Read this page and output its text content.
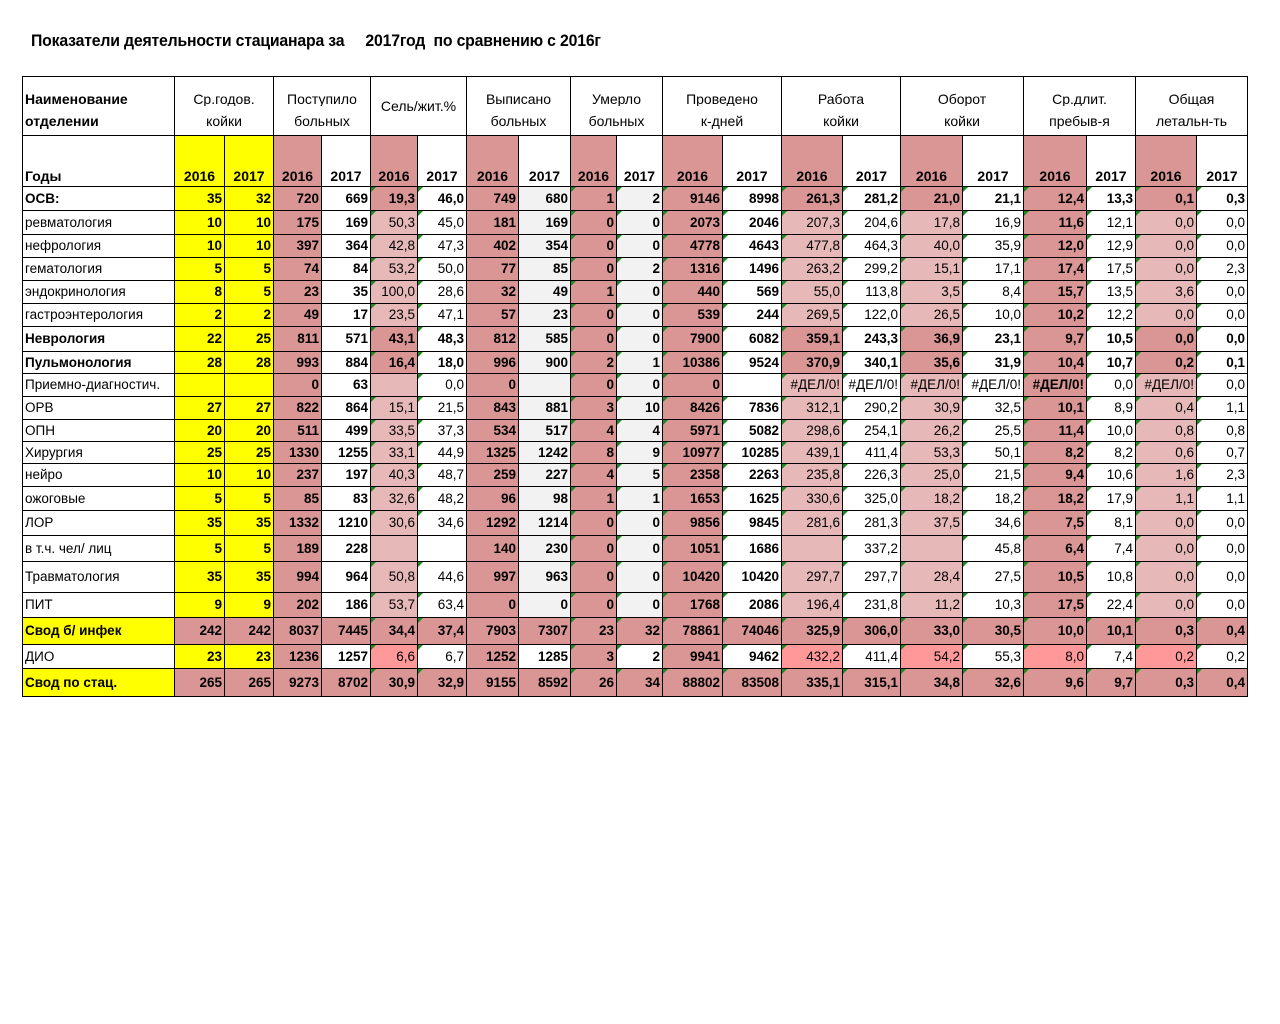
Показатели деятельности стацианара за     2017год  по сравнению с 2016г
Наименование	Ср.годов.		Поступило		Сель/жит.%		Выписано		Умерло		Проведено		Работа		Оборот		Ср.длит.		Общая	
отделении	койки		больных				больных		больных		к-дней		койки		койки		пребыв-я		летальн-ть	
Годы	2016	2017	2016	2017	2016	2017	2016	2017	2016	2017	2016	2017	2016	2017	2016	2017	2016	2017	2016	2017
ОСВ:	35	32	720	669	19,3	46,0	749	680	1	2	9146	8998	261,3	281,2	21,0	21,1	12,4	13,3	0,1	0,3
ревматология	10	10	175	169	50,3	45,0	181	169	0	0	2073	2046	207,3	204,6	17,8	16,9	11,6	12,1	0,0	0,0
нефрология	10	10	397	364	42,8	47,3	402	354	0	0	4778	4643	477,8	464,3	40,0	35,9	12,0	12,9	0,0	0,0
гематология	5	5	74	84	53,2	50,0	77	85	0	2	1316	1496	263,2	299,2	15,1	17,1	17,4	17,5	0,0	2,3
эндокринология	8	5	23	35	100,0	28,6	32	49	1	0	440	569	55,0	113,8	3,5	8,4	15,7	13,5	3,6	0,0
гастроэнтерология	2	2	49	17	23,5	47,1	57	23	0	0	539	244	269,5	122,0	26,5	10,0	10,2	12,2	0,0	0,0
Неврология	22	25	811	571	43,1	48,3	812	585	0	0	7900	6082	359,1	243,3	36,9	23,1	9,7	10,5	0,0	0,0
Пульмонология	28	28	993	884	16,4	18,0	996	900	2	1	10386	9524	370,9	340,1	35,6	31,9	10,4	10,7	0,2	0,1
Приемно-диагностич.			0	63		0,0	0		0	0	0		#ДЕЛ/0!	#ДЕЛ/0!	#ДЕЛ/0!	#ДЕЛ/0!	#ДЕЛ/0!	0,0	#ДЕЛ/0!	0,0
ОРВ	27	27	822	864	15,1	21,5	843	881	3	10	8426	7836	312,1	290,2	30,9	32,5	10,1	8,9	0,4	1,1
ОПН	20	20	511	499	33,5	37,3	534	517	4	4	5971	5082	298,6	254,1	26,2	25,5	11,4	10,0	0,8	0,8
Хирургия	25	25	1330	1255	33,1	44,9	1325	1242	8	9	10977	10285	439,1	411,4	53,3	50,1	8,2	8,2	0,6	0,7
нейро	10	10	237	197	40,3	48,7	259	227	4	5	2358	2263	235,8	226,3	25,0	21,5	9,4	10,6	1,6	2,3
ожоговые	5	5	85	83	32,6	48,2	96	98	1	1	1653	1625	330,6	325,0	18,2	18,2	18,2	17,9	1,1	1,1
ЛОР	35	35	1332	1210	30,6	34,6	1292	1214	0	0	9856	9845	281,6	281,3	37,5	34,6	7,5	8,1	0,0	0,0
в т.ч. чел/ лиц	5	5	189	228			140	230	0	0	1051	1686		337,2		45,8	6,4	7,4	0,0	0,0
Травматология	35	35	994	964	50,8	44,6	997	963	0	0	10420	10420	297,7	297,7	28,4	27,5	10,5	10,8	0,0	0,0
ПИТ	9	9	202	186	53,7	63,4	0	0	0	0	1768	2086	196,4	231,8	11,2	10,3	17,5	22,4	0,0	0,0
Свод б/ инфек	242	242	8037	7445	34,4	37,4	7903	7307	23	32	78861	74046	325,9	306,0	33,0	30,5	10,0	10,1	0,3	0,4
ДИО	23	23	1236	1257	6,6	6,7	1252	1285	3	2	9941	9462	432,2	411,4	54,2	55,3	8,0	7,4	0,2	0,2
Свод по стац.	265	265	9273	8702	30,9	32,9	9155	8592	26	34	88802	83508	335,1	315,1	34,8	32,6	9,6	9,7	0,3	0,4
